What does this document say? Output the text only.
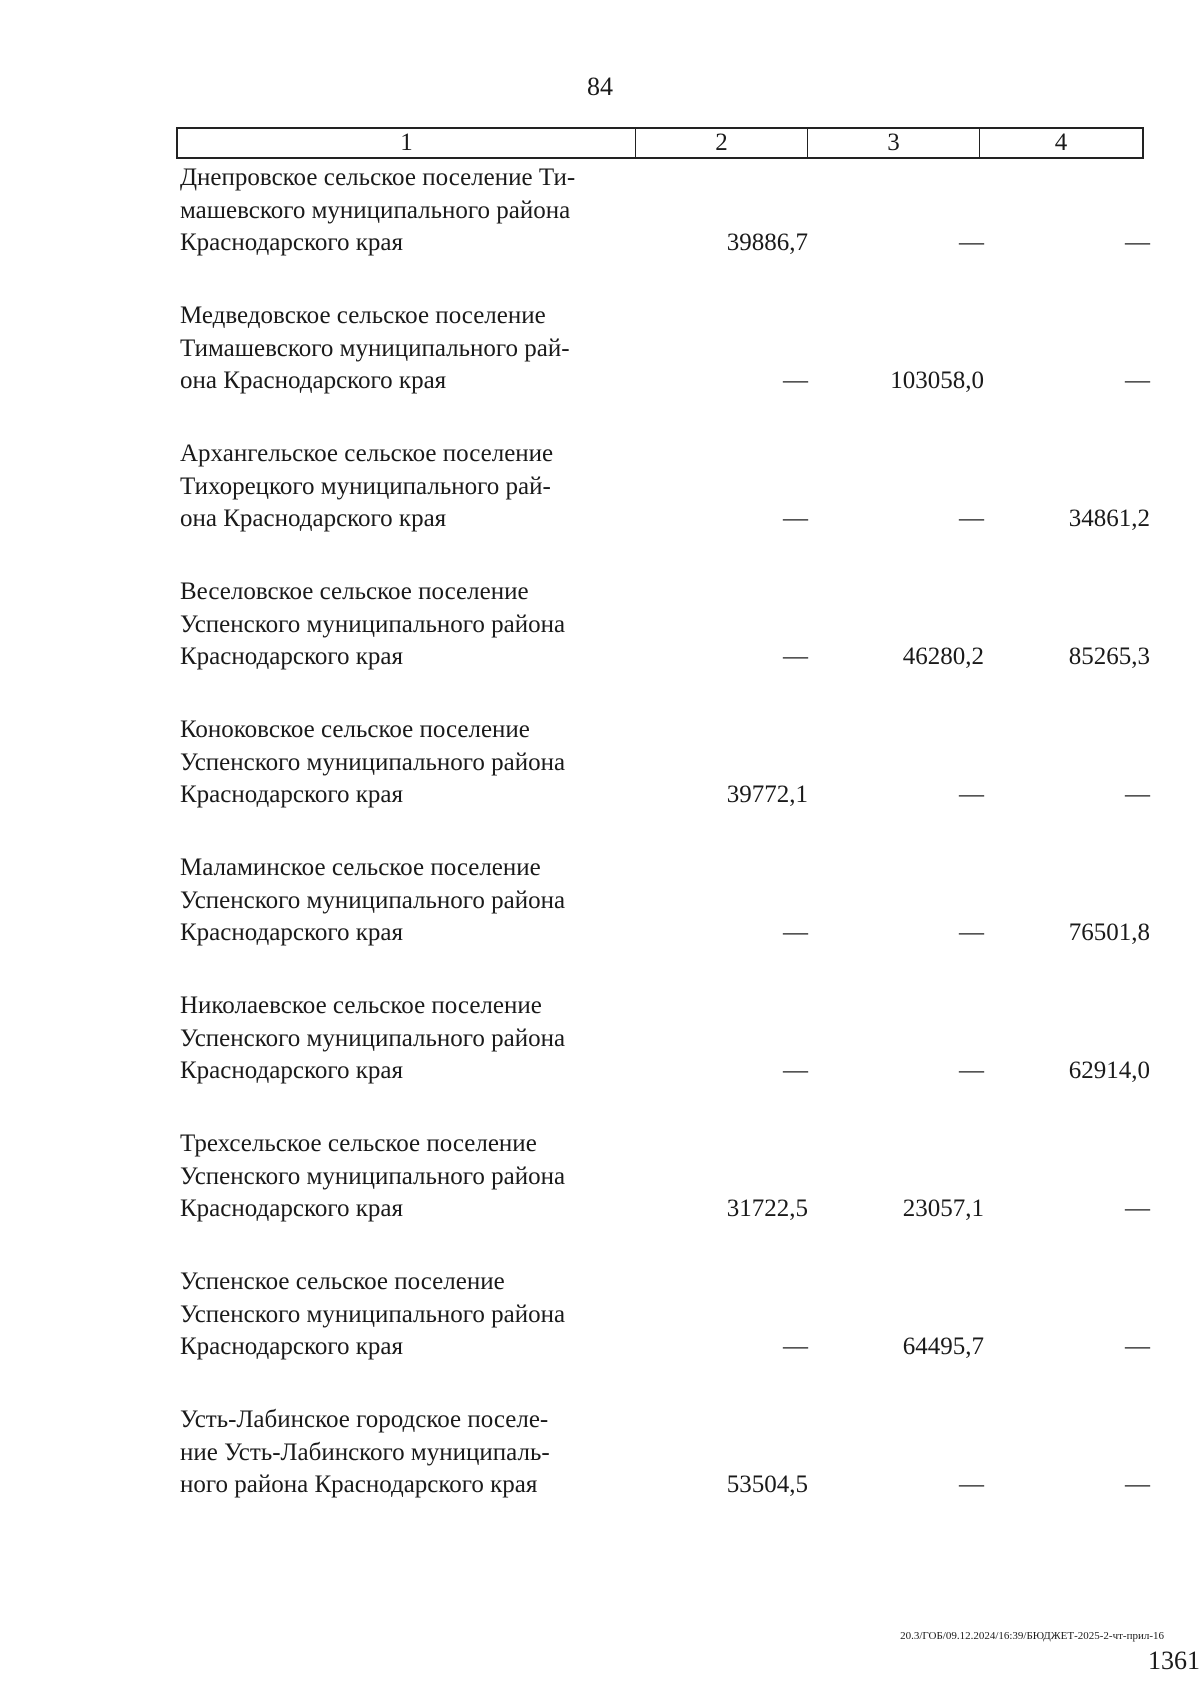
84
1	2	3	4
Днепровское сельское поселение Ти-
машевского муниципального района
Краснодарского края	39886,7	—	—
Медведовское сельское поселение
Тимашевского муниципального рай-
она Краснодарского края	—	103058,0	—
Архангельское сельское поселение
Тихорецкого муниципального рай-
она Краснодарского края	—	—	34861,2
Веселовское сельское поселение
Успенского муниципального района
Краснодарского края	—	46280,2	85265,3
Коноковское сельское поселение
Успенского муниципального района
Краснодарского края	39772,1	—	—
Маламинское сельское поселение
Успенского муниципального района
Краснодарского края	—	—	76501,8
Николаевское сельское поселение
Успенского муниципального района
Краснодарского края	—	—	62914,0
Трехсельское сельское поселение
Успенского муниципального района
Краснодарского края	31722,5	23057,1	—
Успенское сельское поселение
Успенского муниципального района
Краснодарского края	—	64495,7	—
Усть-Лабинское городское поселе-
ние Усть-Лабинского муниципаль-
ного района Краснодарского края	53504,5	—	—
20.3/ГОБ/09.12.2024/16:39/БЮДЖЕТ-2025-2-чт-прил-16
1361
